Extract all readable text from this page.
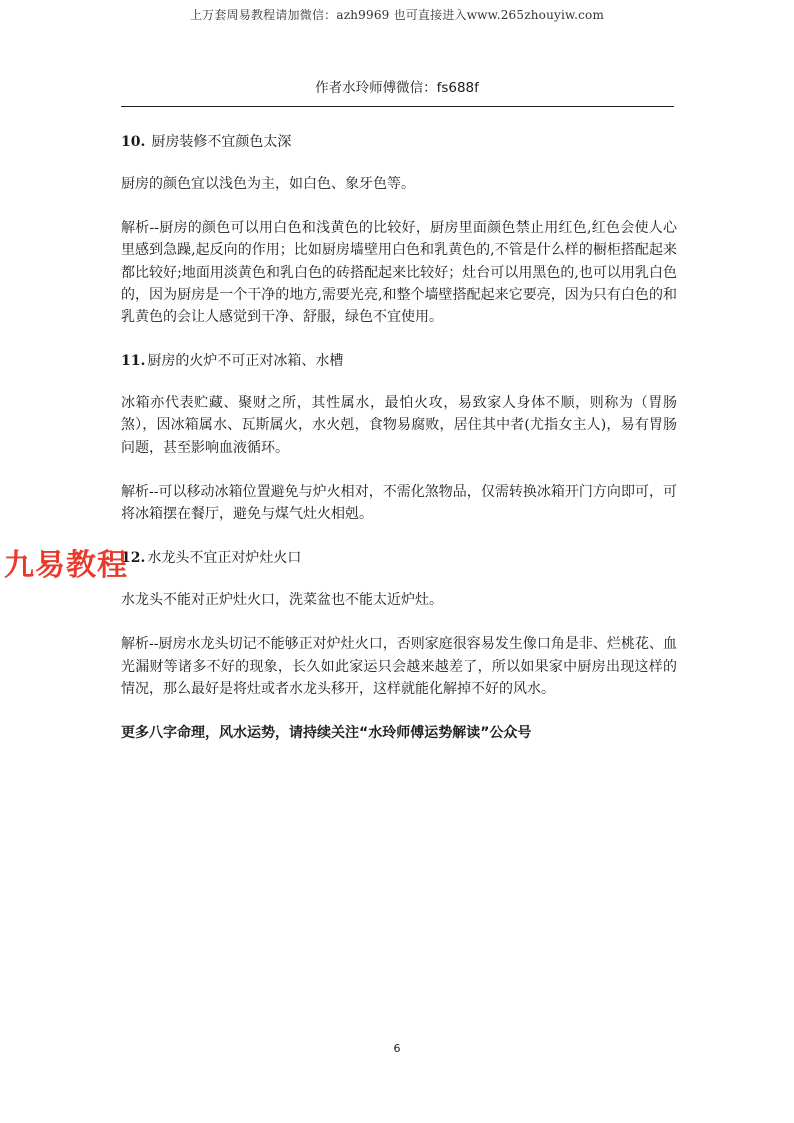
上万套周易教程请加微信：azh9969 也可直接进入www.265zhouyiw.com
作者水玲师傅微信：fs688f

10. 厨房装修不宜颜色太深

厨房的颜色宜以浅色为主，如白色、象牙色等。

解析--厨房的颜色可以用白色和浅黄色的比较好，厨房里面颜色禁止用红色,红色会使人心里感到急躁,起反向的作用；比如厨房墙壁用白色和乳黄色的,不管是什么样的橱柜搭配起来都比较好;地面用淡黄色和乳白色的砖搭配起来比较好；灶台可以用黑色的,也可以用乳白色的，因为厨房是一个干净的地方,需要光亮,和整个墙壁搭配起来它要亮，因为只有白色的和乳黄色的会让人感觉到干净、舒服，绿色不宜使用。

11. 厨房的火炉不可正对冰箱、水槽

冰箱亦代表贮藏、聚财之所，其性属水，最怕火攻，易致家人身体不顺，则称为（胃肠煞），因冰箱属水、瓦斯属火，水火剋，食物易腐败，居住其中者(尤指女主人)，易有胃肠问题，甚至影响血液循环。

解析--可以移动冰箱位置避免与炉火相对，不需化煞物品，仅需转换冰箱开门方向即可，可将冰箱摆在餐厅，避免与煤气灶火相剋。

12. 水龙头不宜正对炉灶火口

水龙头不能对正炉灶火口，洗菜盆也不能太近炉灶。

解析--厨房水龙头切记不能够正对炉灶火口，否则家庭很容易发生像口角是非、烂桃花、血光漏财等诸多不好的现象，长久如此家运只会越来越差了，所以如果家中厨房出现这样的情况，那么最好是将灶或者水龙头移开，这样就能化解掉不好的风水。

更多八字命理，风水运势，请持续关注“水玲师傅运势解读”公众号

九易教程
6
